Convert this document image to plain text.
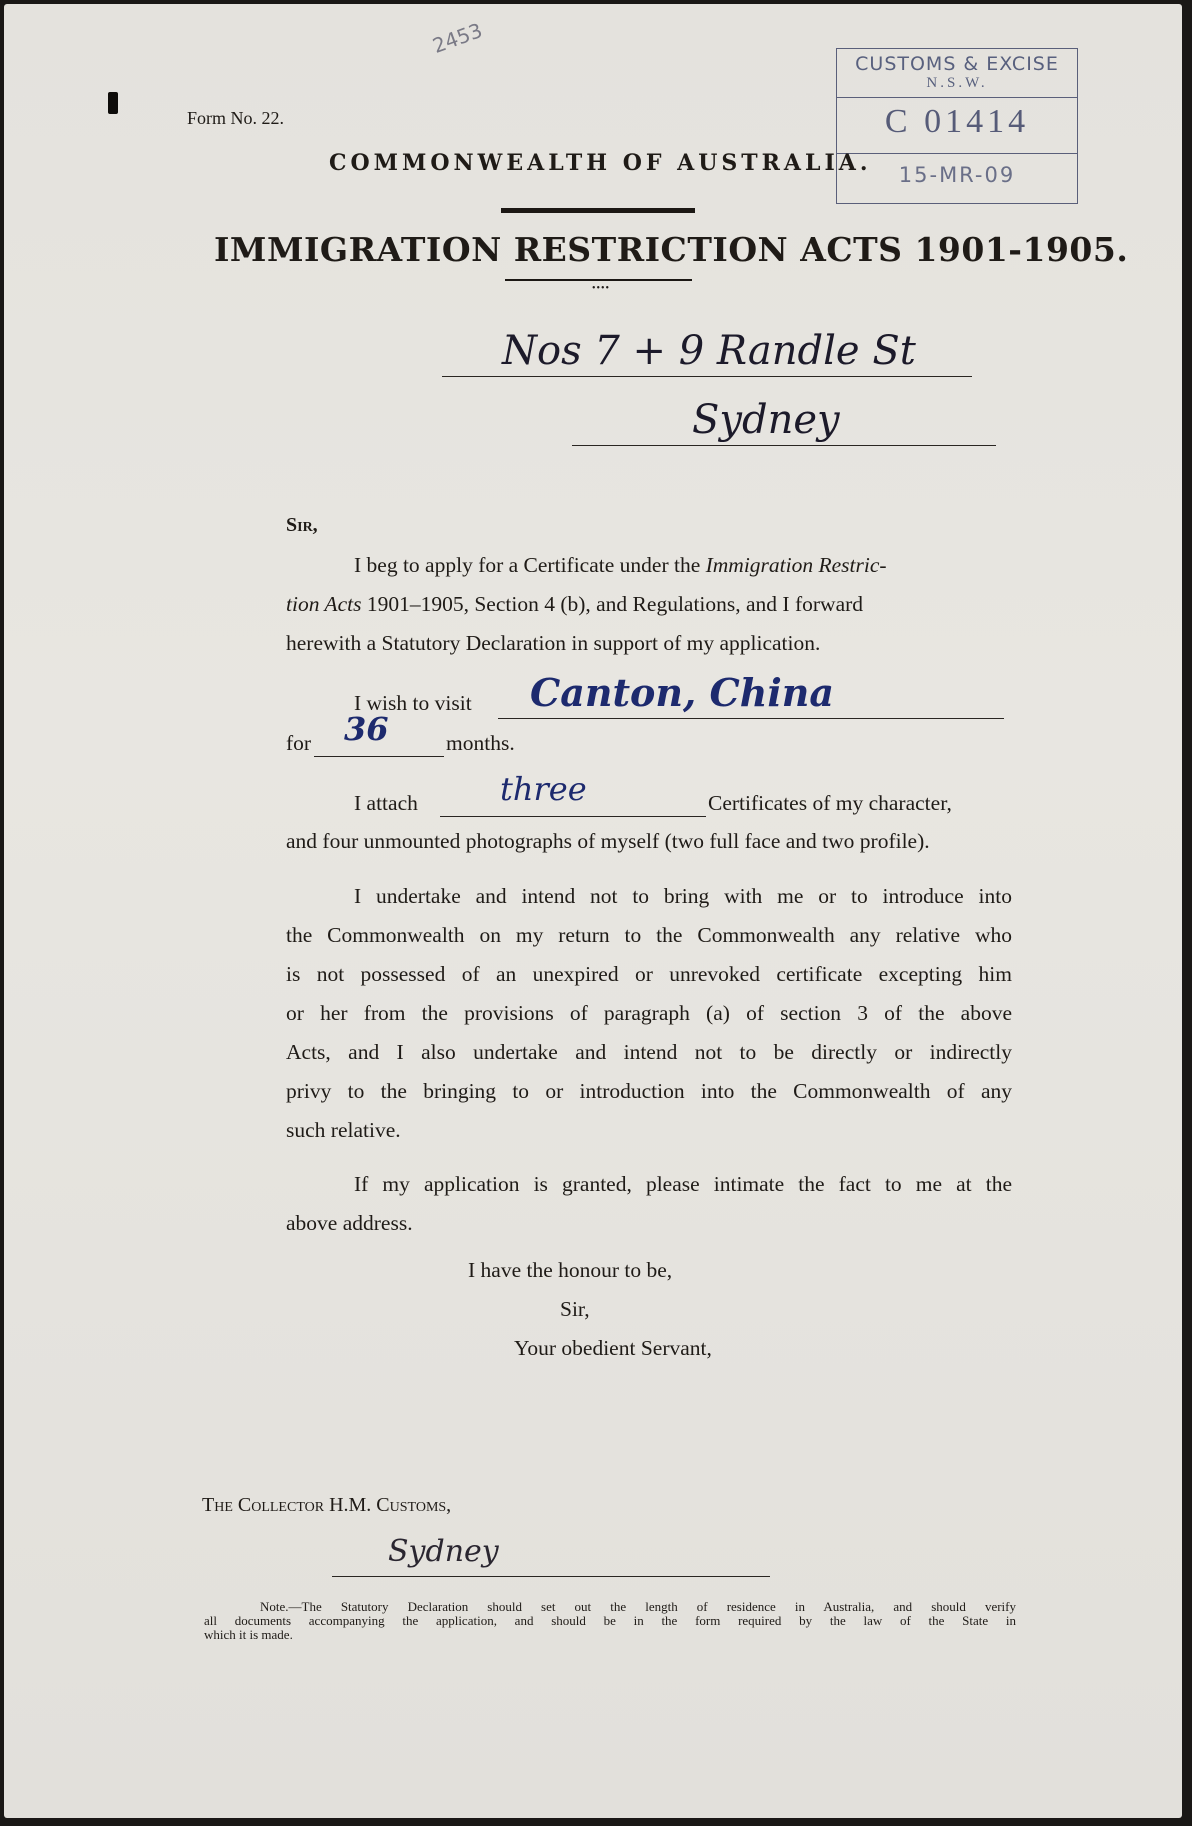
2453
Form No. 22.
CUSTOMS & EXCISE
N.S.W.
C 01414
15-MR-09
COMMONWEALTH OF AUSTRALIA.
IMMIGRATION RESTRICTION ACTS 1901-1905.
••••
Nos 7 + 9 Randle St
Sydney
Sir,
I beg to apply for a Certificate under the Immigration Restric-
tion Acts 1901–1905, Section 4 (b), and Regulations, and I forward
herewith a Statutory Declaration in support of my application.
I wish to visit Canton, China
for 36	months.
I attach	three	Certificates of my character,
and four unmounted photographs of myself (two full face and two profile).
I undertake and intend not to bring with me or to introduce into
the Commonwealth on my return to the Commonwealth any relative who
is not possessed of an unexpired or unrevoked certificate excepting him
or her from the provisions of paragraph (a) of section 3 of the above
Acts, and I also undertake and intend not to be directly or indirectly
privy to the bringing to or introduction into the Commonwealth of any
such relative.
If my application is granted, please intimate the fact to me at the
above address.
I have the honour to be,
Sir,
Your obedient Servant,
The Collector H.M. Customs,
Sydney
Note.—The Statutory Declaration should set out the length of residence in Australia, and should verify
all documents accompanying the application, and should be in the form required by the law of the State in
which it is made.
